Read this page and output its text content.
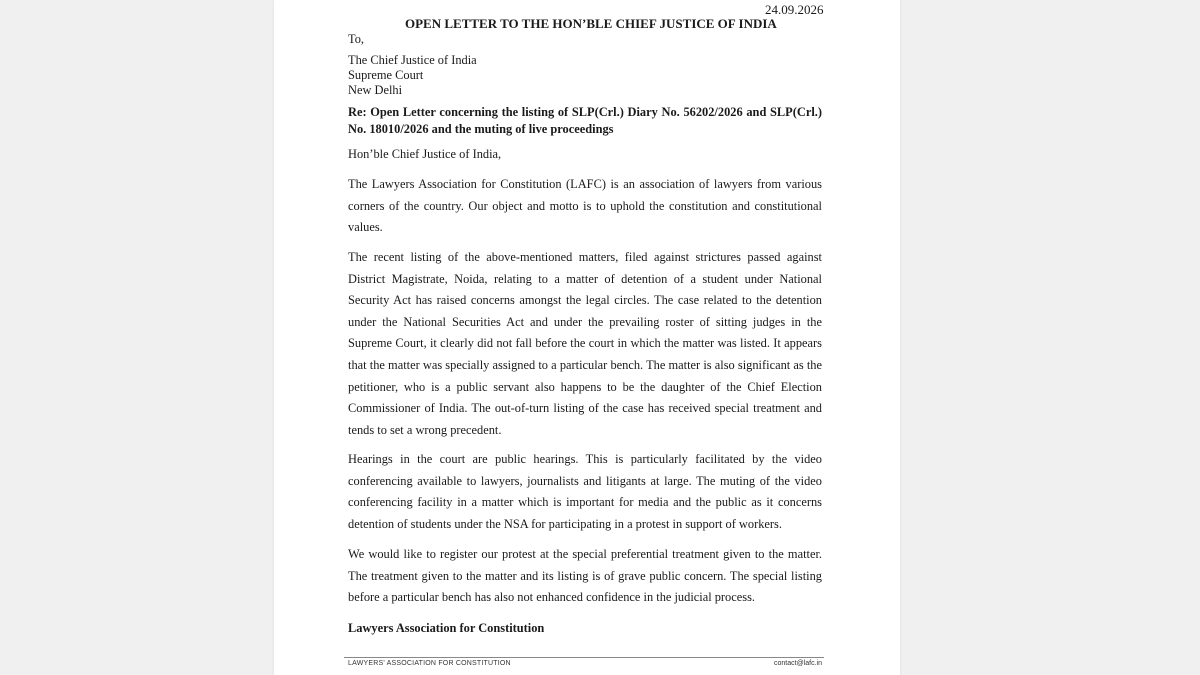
24.09.2026
OPEN LETTER TO THE HON’BLE CHIEF JUSTICE OF INDIA
To,
The Chief Justice of India
Supreme Court
New Delhi
Re: Open Letter concerning the listing of SLP(Crl.) Diary No. 56202/2026 and SLP(Crl.) No. 18010/2026 and the muting of live proceedings
Hon’ble Chief Justice of India,
The Lawyers Association for Constitution (LAFC) is an association of lawyers from various corners of the country. Our object and motto is to uphold the constitution and constitutional values.
The recent listing of the above-mentioned matters, filed against strictures passed against District Magistrate, Noida, relating to a matter of detention of a student under National Security Act has raised concerns amongst the legal circles. The case related to the detention under the National Securities Act and under the prevailing roster of sitting judges in the Supreme Court, it clearly did not fall before the court in which the matter was listed. It appears that the matter was specially assigned to a particular bench. The matter is also significant as the petitioner, who is a public servant also happens to be the daughter of the Chief Election Commissioner of India. The out-of-turn listing of the case has received special treatment and tends to set a wrong precedent.
Hearings in the court are public hearings. This is particularly facilitated by the video conferencing available to lawyers, journalists and litigants at large. The muting of the video conferencing facility in a matter which is important for media and the public as it concerns detention of students under the NSA for participating in a protest in support of workers.
We would like to register our protest at the special preferential treatment given to the matter. The treatment given to the matter and its listing is of grave public concern. The special listing before a particular bench has also not enhanced confidence in the judicial process.
Lawyers Association for Constitution
LAWYERS' ASSOCIATION FOR CONSTITUTION	contact@lafc.in
